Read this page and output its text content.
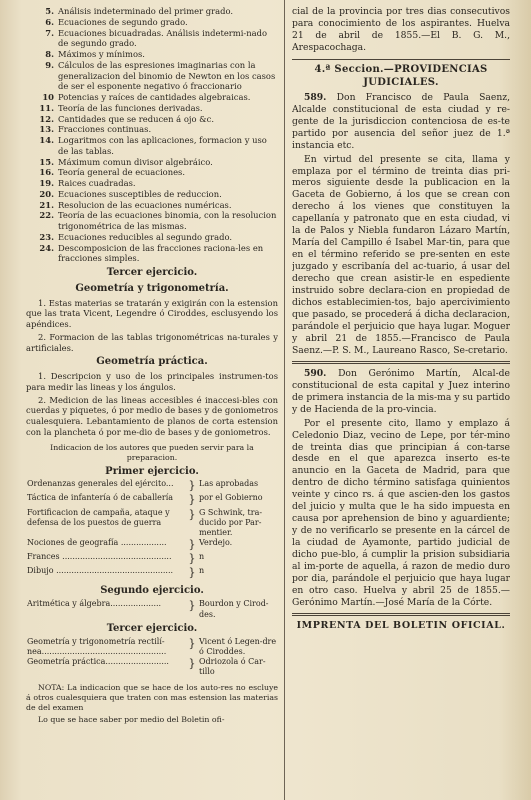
5. Análisis indeterminado del primer grado.
6. Ecuaciones de segundo grado.
7. Ecuaciones bicuadradas. Análisis indetermi-nado de segundo grado.
8. Máximos y mínimos.
9. Cálculos de las espresiones imaginarias con la generalizacion del binomio de Newton en los casos de ser el esponente negativo ó fraccionario
10 Potencias y raíces de cantidades algebraicas.
11. Teoría de las funciones derivadas.
12. Cantidades que se reducen á ojo &c.
13. Fracciones continuas.
14. Logaritmos con las aplicaciones, formacion y uso de las tablas.
15. Máximum comun divisor algebráico.
16. Teoría general de ecuaciones.
19. Raices cuadradas.
20. Ecuaciones susceptibles de reduccion.
21. Resolucion de las ecuaciones numéricas.
22. Teoría de las ecuaciones binomia, con la resolucion trigonométrica de las mismas.
23. Ecuaciones reducibles al segundo grado.
24. Descomposicion de las fracciones raciona-les en fracciones simples.
Tercer ejercicio.
Geometría y trigonometría.
1. Estas materias se tratarán y exigirán con la estension que las trata Vicent, Legendre ó Ciroddes, esclusyendo los apéndices.
2. Formacion de las tablas trigonométricas na-turales y artificiales.
Geometría práctica.
1. Descripcion y uso de los principales instrumen-tos para medir las lineas y los ángulos.
2. Medicion de las lineas accesibles é inaccesi-bles con cuerdas y piquetes, ó por medio de bases y de goniometros cualesquiera. Lebantamiento de planos de corta estension con la plancheta ó por me-dio de bases y de goniometros.
Indicacion de los autores que pueden servir para la preparacion.
Primer ejercicio.
Ordenanzas generales del ejército...	}	Las aprobadas
Táctica de infantería ó de caballería	}	por el Gobierno
Fortificacion de campaña, ataque y defensa de los puestos de guerra	}	G Schwink, tra-ducido por Par-mentier.
Nociones de geografía ..................	}	Verdejo.
Frances ...........................................	}	n
Dibujo ..............................................	}	n
Segundo ejercicio.
Aritmética y álgebra....................	}	Bourdon y Cirod-des.
Tercer ejercicio.
Geometría y trigonometría rectilí-nea.................................................	}	Vicent ó Legen-dre ó Ciroddes.
Geometría práctica.........................	}	Odriozola ó Car-tillo
NOTA: La indicacion que se hace de los auto-res no escluye á otros cualesquiera que traten con mas estension las materias de del examen
Lo que se hace saber por medio del Boletin ofi-
cial de la provincia por tres dias consecutivos para conocimiento de los aspirantes. Huelva 21 de abril de 1855.—El B. G. M., Arespacochaga.
4.ª Seccion.—PROVIDENCIAS JUDICIALES.
589. Don Francisco de Paula Saenz, Alcalde constitucional de esta ciudad y re-gente de la jurisdiccion contenciosa de es-te partido por ausencia del señor juez de 1.ª instancia etc.
En virtud del presente se cita, llama y emplaza por el término de treinta dias pri-meros siguiente desde la publicacion en la Gaceta de Gobierno, á los que se crean con derecho á los vienes que constituyen la capellanía y patronato que en esta ciudad, vi la de Palos y Niebla fundaron Lázaro Martín, María del Campillo é Isabel Mar-tin, para que en el término referido se pre-senten en este juzgado y escribanía del ac-tuario, á usar del derecho que crean asistir-le en espediente instruido sobre declara-cion en propiedad de dichos establecimien-tos, bajo apercivimiento que pasado, se procederá á dicha declaracion, parándole el perjuicio que haya lugar. Moguer y abril 21 de 1855.—Francisco de Paula Saenz.—P. S. M., Laureano Rasco, Se-cretario.
590. Don Gerónimo Martín, Alcal-de constitucional de esta capital y Juez interino de primera instancia de la mis-ma y su partido y de Hacienda de la pro-vincia.
Por el presente cito, llamo y emplazo á Celedonio Diaz, vecino de Lepe, por tér-mino de treinta dias que principian á con-tarse desde en el que aparezca inserto es-te anuncio en la Gaceta de Madrid, para que dentro de dicho término satisfaga quinientos veinte y cinco rs. á que ascien-den los gastos del juicio y multa que le ha sido impuesta en causa por aprehension de bino y aguardiente; y de no verificarlo se presente en la cárcel de la ciudad de Ayamonte, partido judicial de dicho pue-blo, á cumplir la prision subsidiaria al im-porte de aquella, á razon de medio duro por dia, parándole el perjuicio que haya lugar en otro caso. Huelva y abril 25 de 1855.—Gerónimo Martín.—José María de la Córte.
IMPRENTA DEL BOLETIN OFICIAL.
